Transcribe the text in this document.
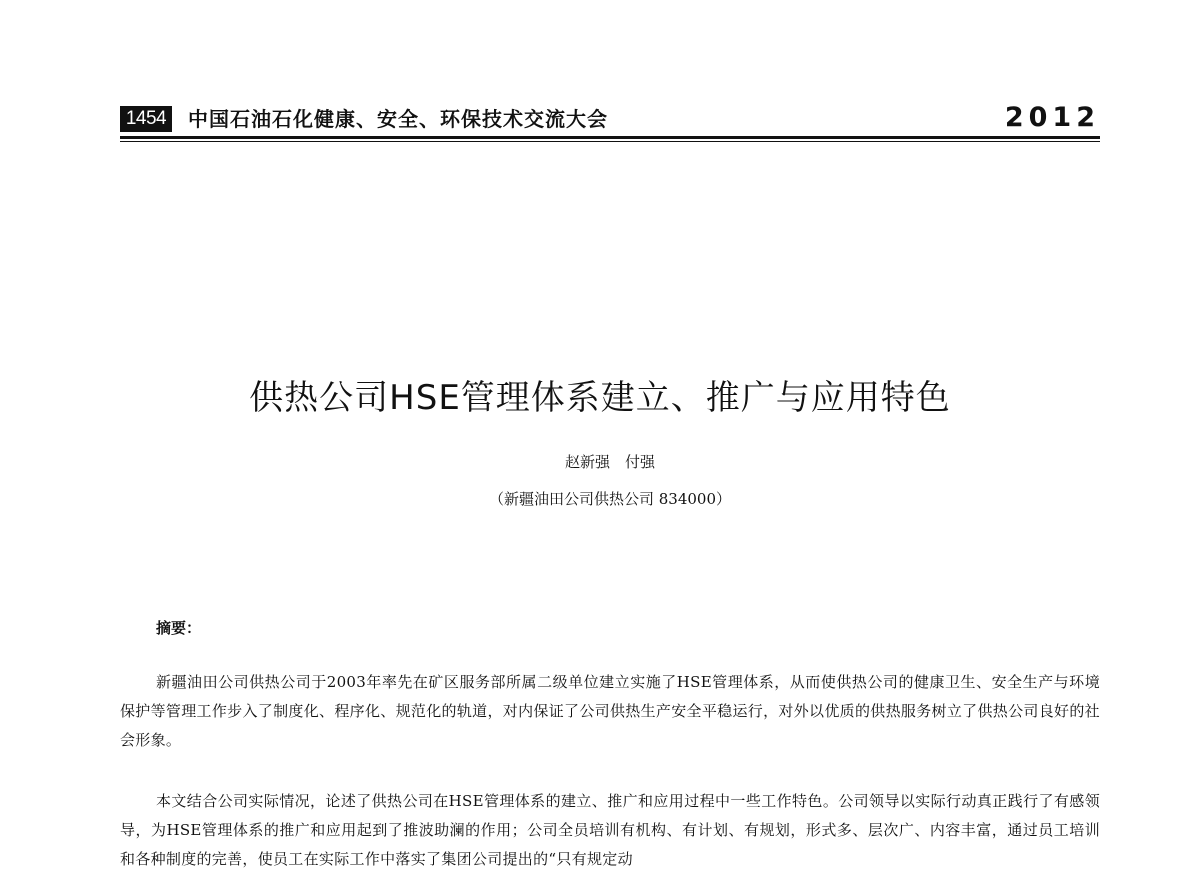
1454 中国石油石化健康、安全、环保技术交流大会	2012
供热公司HSE管理体系建立、推广与应用特色
赵新强　付强
（新疆油田公司供热公司 834000）
摘要：

新疆油田公司供热公司于2003年率先在矿区服务部所属二级单位建立实施了HSE管理体系，从而使供热公司的健康卫生、安全生产与环境保护等管理工作步入了制度化、程序化、规范化的轨道，对内保证了公司供热生产安全平稳运行，对外以优质的供热服务树立了供热公司良好的社会形象。

本文结合公司实际情况，论述了供热公司在HSE管理体系的建立、推广和应用过程中一些工作特色。公司领导以实际行动真正践行了有感领导，为HSE管理体系的推广和应用起到了推波助澜的作用；公司全员培训有机构、有计划、有规划，形式多、层次广、内容丰富，通过员工培训和各种制度的完善，使员工在实际工作中落实了集团公司提出的“只有规定动
